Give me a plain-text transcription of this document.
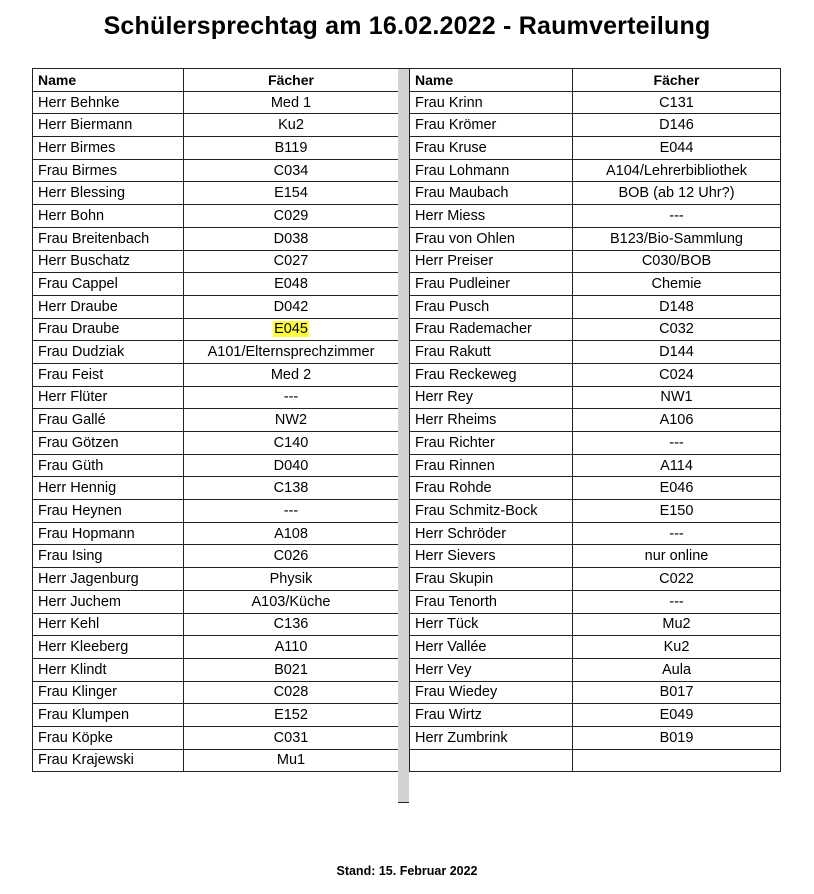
Schülersprechtag am 16.02.2022 - Raumverteilung
Name	Fächer
Herr Behnke	Med 1
Herr Biermann	Ku2
Herr Birmes	B119
Frau Birmes	C034
Herr Blessing	E154
Herr Bohn	C029
Frau Breitenbach	D038
Herr Buschatz	C027
Frau Cappel	E048
Herr Draube	D042
Frau Draube	E045
Frau Dudziak	A101/Elternsprechzimmer
Frau Feist	Med 2
Herr Flüter	---
Frau Gallé	NW2
Frau Götzen	C140
Frau Güth	D040
Herr Hennig	C138
Frau Heynen	---
Frau Hopmann	A108
Frau Ising	C026
Herr Jagenburg	Physik
Herr Juchem	A103/Küche
Herr Kehl	C136
Herr Kleeberg	A110
Herr Klindt	B021
Frau Klinger	C028
Frau Klumpen	E152
Frau Köpke	C031
Frau Krajewski	Mu1
Name	Fächer
Frau Krinn	C131
Frau Krömer	D146
Frau Kruse	E044
Frau Lohmann	A104/Lehrerbibliothek
Frau Maubach	BOB (ab 12 Uhr?)
Herr Miess	---
Frau von Ohlen	B123/Bio-Sammlung
Herr Preiser	C030/BOB
Frau Pudleiner	Chemie
Frau Pusch	D148
Frau Rademacher	C032
Frau Rakutt	D144
Frau Reckeweg	C024
Herr Rey	NW1
Herr Rheims	A106
Frau Richter	---
Frau Rinnen	A114
Frau Rohde	E046
Frau Schmitz-Bock	E150
Herr Schröder	---
Herr Sievers	nur online
Frau Skupin	C022
Frau Tenorth	---
Herr Tück	Mu2
Herr Vallée	Ku2
Herr Vey	Aula
Frau Wiedey	B017
Frau Wirtz	E049
Herr Zumbrink	B019

Stand: 15. Februar 2022
